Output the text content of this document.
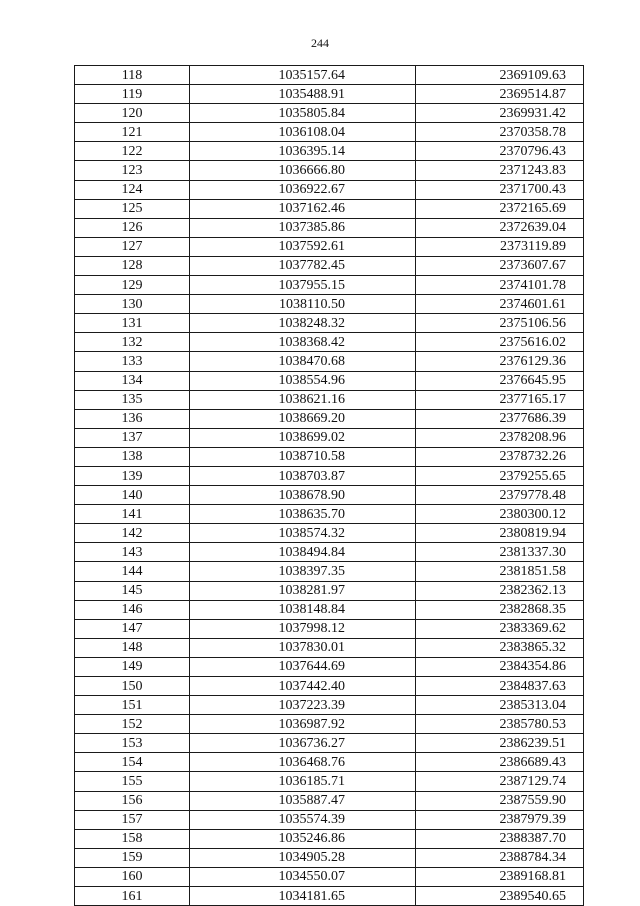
244
118	1035157.64	2369109.63
119	1035488.91	2369514.87
120	1035805.84	2369931.42
121	1036108.04	2370358.78
122	1036395.14	2370796.43
123	1036666.80	2371243.83
124	1036922.67	2371700.43
125	1037162.46	2372165.69
126	1037385.86	2372639.04
127	1037592.61	2373119.89
128	1037782.45	2373607.67
129	1037955.15	2374101.78
130	1038110.50	2374601.61
131	1038248.32	2375106.56
132	1038368.42	2375616.02
133	1038470.68	2376129.36
134	1038554.96	2376645.95
135	1038621.16	2377165.17
136	1038669.20	2377686.39
137	1038699.02	2378208.96
138	1038710.58	2378732.26
139	1038703.87	2379255.65
140	1038678.90	2379778.48
141	1038635.70	2380300.12
142	1038574.32	2380819.94
143	1038494.84	2381337.30
144	1038397.35	2381851.58
145	1038281.97	2382362.13
146	1038148.84	2382868.35
147	1037998.12	2383369.62
148	1037830.01	2383865.32
149	1037644.69	2384354.86
150	1037442.40	2384837.63
151	1037223.39	2385313.04
152	1036987.92	2385780.53
153	1036736.27	2386239.51
154	1036468.76	2386689.43
155	1036185.71	2387129.74
156	1035887.47	2387559.90
157	1035574.39	2387979.39
158	1035246.86	2388387.70
159	1034905.28	2388784.34
160	1034550.07	2389168.81
161	1034181.65	2389540.65
